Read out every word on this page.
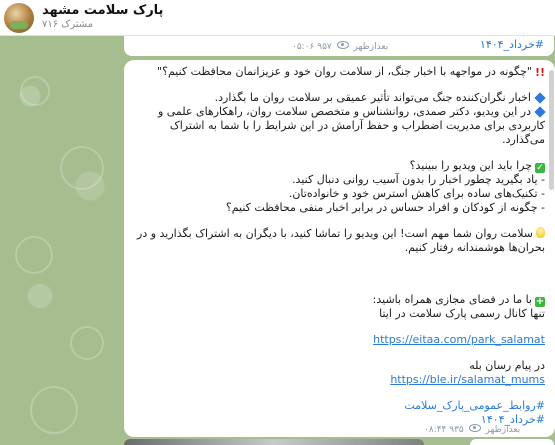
پارک سلامت مشهد
۷۱۶ مشترک
#خرداد_۱۴۰۴
۰۵:۰۶ بعدازظهر  ۹۵۷

!!"چگونه در مواجهه با اخبار جنگ، از سلامت روان خود و عزیزانمان محافظت کنیم؟"

اخبار نگران‌کننده جنگ می‌تواند تأثیر عمیقی بر سلامت روان ما بگذارد.

در این ویدیو، دکتر صمدی، روانشناس و متخصص سلامت روان، راهکارهای علمی و کاربردی برای مدیریت اضطراب و حفظ آرامش در این شرایط را با شما به اشتراک می‌گذارد.

✓چرا باید این ویدیو را ببینید؟

- یاد بگیرید چطور اخبار را بدون آسیب روانی دنبال کنید.

- تکنیک‌های ساده برای کاهش استرس خود و خانواده‌تان.

- چگونه از کودکان و افراد حساس در برابر اخبار منفی محافظت کنیم؟

سلامت روان شما مهم است! این ویدیو را تماشا کنید، با دیگران به اشتراک بگذارید و در بحران‌ها هوشمندانه رفتار کنیم.

+با ما در فضای مجازی همراه باشید:

تنها کانال رسمی پارک سلامت در ایتا

https://eitaa.com/park_salamat

در پیام رسان بله

https://ble.ir/salamat_mums

#روابط_عمومی_پارک_سلامت

#خرداد_۱۴۰۴

۰۸:۴۴ بعدازظهر  ۹۳۵
